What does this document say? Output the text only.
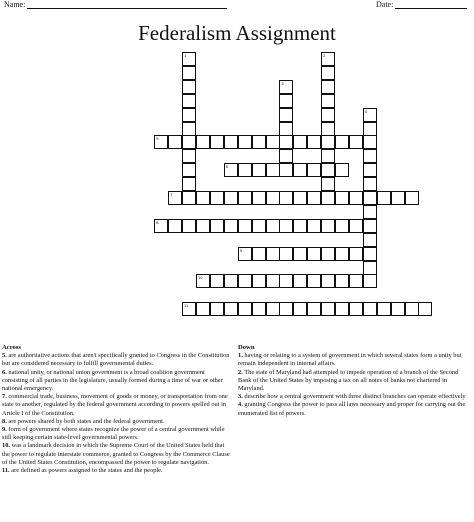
Name:	Date:
Federalism Assignment
1	2
3
4
5
6
7
8
9
10
11
Across
5. are authoritative actions that aren't specifically granted to Congress in the Constitution but are considered necessary to fulfill governmental duties.
6. national unity, or national union government is a broad coalition government consisting of all parties in the legislature, usually formed during a time of war or other national emergency.
7. commercial trade, business, movement of goods or money, or transportation from one state to another, regulated by the federal government according to powers spelled out in Article I of the Constitution.
8. are powers shared by both states and the federal government.
9. form of government where states recognize the power of a central government while still keeping certain state-level governmental powers.
10. was a landmark decision in which the Supreme Court of the United States held that the power to regulate interstate commerce, granted to Congress by the Commerce Clause of the United States Constitution, encompassed the power to regulate navigation.
11. are defined as powers assigned to the states and the people.
Down
1. having or relating to a system of government in which several states form a unity but remain independent in internal affairs.
2. The state of Maryland had attempted to impede operation of a branch of the Second Bank of the United States by imposing a tax on all notes of banks not chartered in Maryland.
3. describe how a central government with three distinct branches can operate effectively
4. granting Congress the power to pass all laws necessary and proper for carrying out the enumerated list of powers.
